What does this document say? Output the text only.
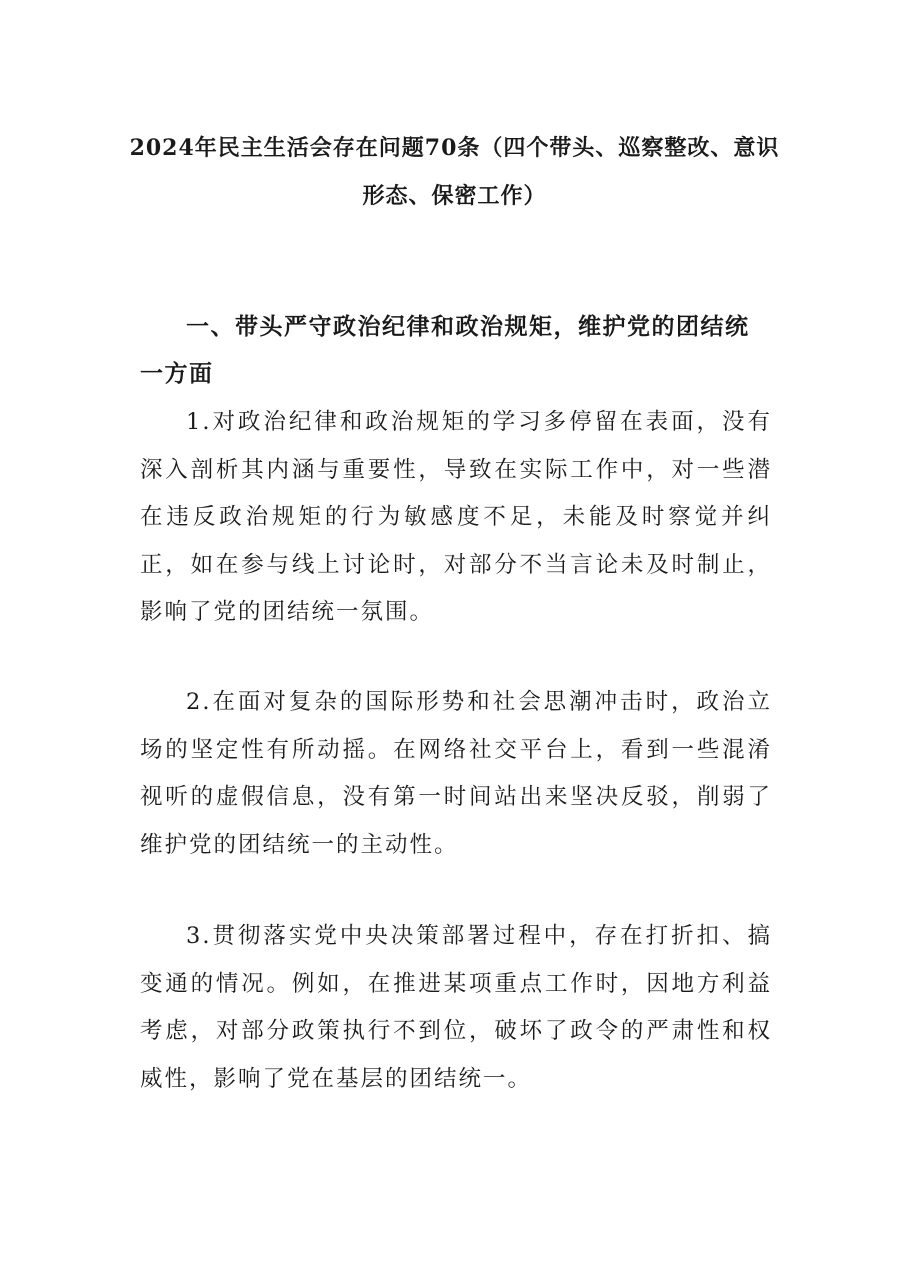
2024年民主生活会存在问题70条（四个带头、巡察整改、意识形态、保密工作）
一、带头严守政治纪律和政治规矩，维护党的团结统一方面
1.对政治纪律和政治规矩的学习多停留在表面，没有深入剖析其内涵与重要性，导致在实际工作中，对一些潜在违反政治规矩的行为敏感度不足，未能及时察觉并纠正，如在参与线上讨论时，对部分不当言论未及时制止，影响了党的团结统一氛围。
2.在面对复杂的国际形势和社会思潮冲击时，政治立场的坚定性有所动摇。在网络社交平台上，看到一些混淆视听的虚假信息，没有第一时间站出来坚决反驳，削弱了维护党的团结统一的主动性。
3.贯彻落实党中央决策部署过程中，存在打折扣、搞变通的情况。例如，在推进某项重点工作时，因地方利益考虑，对部分政策执行不到位，破坏了政令的严肃性和权威性，影响了党在基层的团结统一。
